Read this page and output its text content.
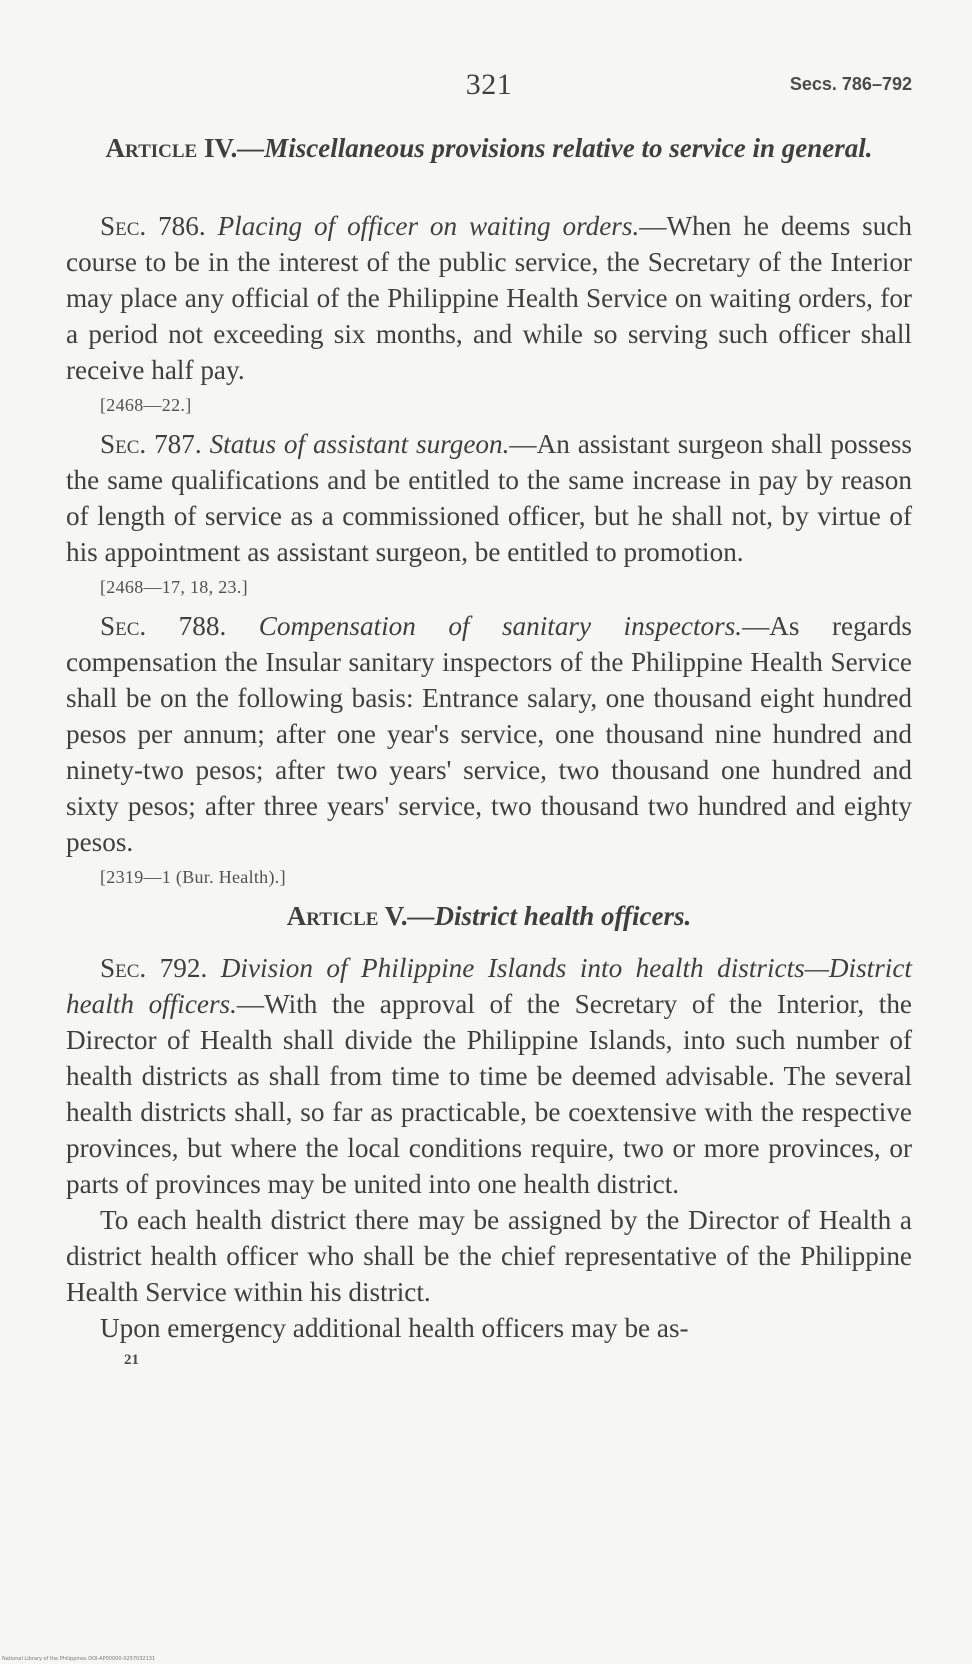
321	Secs. 786–792
Article IV.—Miscellaneous provisions relative to service in general.

Sec. 786. Placing of officer on waiting orders.—When he deems such course to be in the interest of the public service, the Secretary of the Interior may place any official of the Philippine Health Service on waiting orders, for a period not exceeding six months, and while so serving such officer shall receive half pay.

[2468—22.]

Sec. 787. Status of assistant surgeon.—An assistant surgeon shall possess the same qualifications and be entitled to the same increase in pay by reason of length of service as a commissioned officer, but he shall not, by virtue of his appointment as assistant surgeon, be entitled to promotion.

[2468—17, 18, 23.]

Sec. 788. Compensation of sanitary inspectors.—As regards compensation the Insular sanitary inspectors of the Philippine Health Service shall be on the following basis: Entrance salary, one thousand eight hundred pesos per annum; after one year's service, one thousand nine hundred and ninety-two pesos; after two years' service, two thousand one hundred and sixty pesos; after three years' service, two thousand two hundred and eighty pesos.

[2319—1 (Bur. Health).]
Article V.—District health officers.

Sec. 792. Division of Philippine Islands into health districts—District health officers.—With the approval of the Secretary of the Interior, the Director of Health shall divide the Philippine Islands, into such number of health districts as shall from time to time be deemed advisable. The several health districts shall, so far as practicable, be coextensive with the respective provinces, but where the local conditions require, two or more provinces, or parts of provinces may be united into one health district.

To each health district there may be assigned by the Director of Health a district health officer who shall be the chief representative of the Philippine Health Service within his district.

Upon emergency additional health officers may be as-

21
National Library of the Philippines DOI-AP00000-0257032131
